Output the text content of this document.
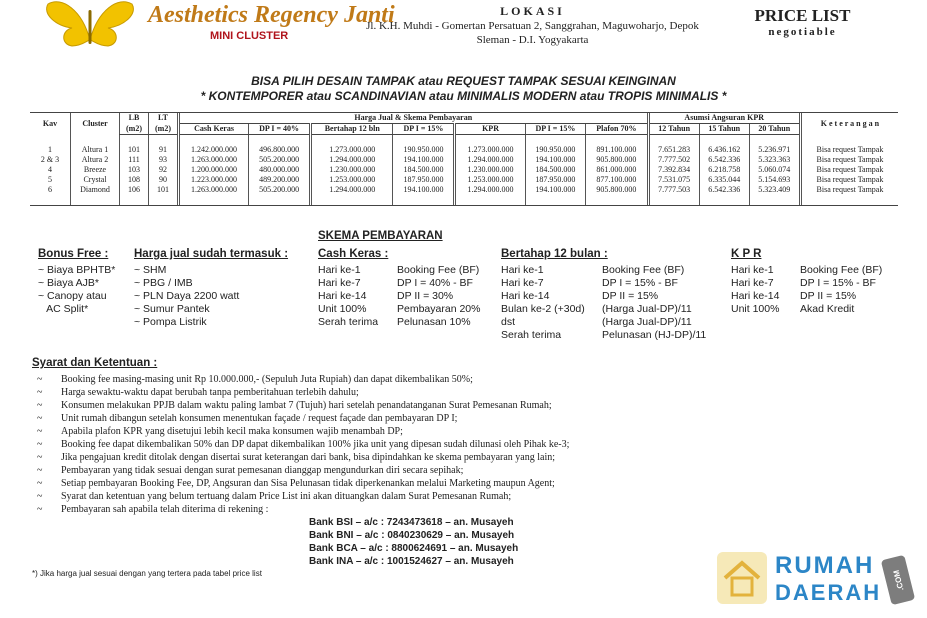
Aesthetics Regency Janti
MINI CLUSTER
LOKASI
Jl. K.H. Muhdi - Gomertan Persatuan 2, Sanggrahan, Maguwoharjo, Depok
Sleman - D.I. Yogyakarta
PRICE LIST
negotiable
BISA PILIH DESAIN TAMPAK atau REQUEST TAMPAK SESUAI KEINGINAN
* KONTEMPORER atau SCANDINAVIAN atau MINIMALIS MODERN atau TROPIS MINIMALIS *
Kav	Cluster	LB	LT	Harga Jual & Skema Pembayaran							Asumsi Angsuran KPR			K e t e r a n g a n
		(m2)	(m2)	Cash Keras	DP I = 40%	Bertahap 12 bln	DP I = 15%	KPR	DP I = 15%	Plafon 70%	12 Tahun	15 Tahun	20 Tahun	

1	Altura 1	101	91	1.242.000.000	496.800.000	1.273.000.000	190.950.000	1.273.000.000	190.950.000	891.100.000	7.651.283	6.436.162	5.236.971	Bisa request Tampak
2 & 3	Altura 2	111	93	1.263.000.000	505.200.000	1.294.000.000	194.100.000	1.294.000.000	194.100.000	905.800.000	7.777.502	6.542.336	5.323.363	Bisa request Tampak
4	Breeze	103	92	1.200.000.000	480.000.000	1.230.000.000	184.500.000	1.230.000.000	184.500.000	861.000.000	7.392.834	6.218.758	5.060.074	Bisa request Tampak
5	Crystal	108	90	1.223.000.000	489.200.000	1.253.000.000	187.950.000	1.253.000.000	187.950.000	877.100.000	7.531.075	6.335.044	5.154.693	Bisa request Tampak
6	Diamond	106	101	1.263.000.000	505.200.000	1.294.000.000	194.100.000	1.294.000.000	194.100.000	905.800.000	7.777.503	6.542.336	5.323.409	Bisa request Tampak

SKEMA PEMBAYARAN
Bonus Free :
~ Biaya BPHTB*
~ Biaya AJB*
~ Canopy atau
AC Split*
Harga jual sudah termasuk :
~ SHM
~ PBG / IMB
~ PLN Daya 2200 watt
~ Sumur Pantek
~ Pompa Listrik
Cash Keras :
Hari ke-1	Booking Fee (BF)
Hari ke-7	DP I = 40% - BF
Hari ke-14	DP II = 30%
Unit 100%	Pembayaran 20%
Serah terima	Pelunasan 10%
Bertahap 12 bulan :
Hari ke-1	Booking Fee (BF)
Hari ke-7	DP I = 15% - BF
Hari ke-14	DP II = 15%
Bulan ke-2 (+30d)	(Harga Jual-DP)/11
dst	(Harga Jual-DP)/11
Serah terima	Pelunasan (HJ-DP)/11
K P R
Hari ke-1	Booking Fee (BF)
Hari ke-7	DP I = 15% - BF
Hari ke-14	DP II = 15%
Unit 100%	Akad Kredit
Syarat dan Ketentuan :
~	Booking fee masing-masing unit Rp 10.000.000,- (Sepuluh Juta Rupiah) dan dapat dikembalikan 50%;
~	Harga sewaktu-waktu dapat berubah tanpa pemberitahuan terlebih dahulu;
~	Konsumen melakukan PPJB dalam waktu paling lambat 7 (Tujuh) hari setelah penandatanganan Surat Pemesanan Rumah;
~	Unit rumah dibangun setelah konsumen menentukan façade / request façade dan pembayaran DP I;
~	Apabila plafon KPR yang disetujui lebih kecil maka konsumen wajib menambah DP;
~	Booking fee dapat dikembalikan 50% dan DP dapat dikembalikan 100% jika unit yang dipesan sudah dilunasi oleh Pihak ke-3;
~	Jika pengajuan kredit ditolak dengan disertai surat keterangan dari bank, bisa dipindahkan ke skema pembayaran yang lain;
~	Pembayaran yang tidak sesuai dengan surat pemesanan dianggap mengundurkan diri secara sepihak;
~	Setiap pembayaran Booking Fee, DP, Angsuran dan Sisa Pelunasan tidak diperkenankan melalui Marketing maupun Agent;
~	Syarat dan ketentuan yang belum tertuang dalam Price List ini akan dituangkan dalam Surat Pemesanan Rumah;
~	Pembayaran sah apabila telah diterima di rekening :
Bank BSI – a/c : 7243473618 – an. Musayeh
Bank BNI – a/c : 0840230629 – an. Musayeh
Bank BCA – a/c : 8800624691 – an. Musayeh
Bank INA – a/c : 1001524627 – an. Musayeh
*) Jika harga jual sesuai dengan yang tertera pada tabel price list	RUMAH
DAERAH .COM
